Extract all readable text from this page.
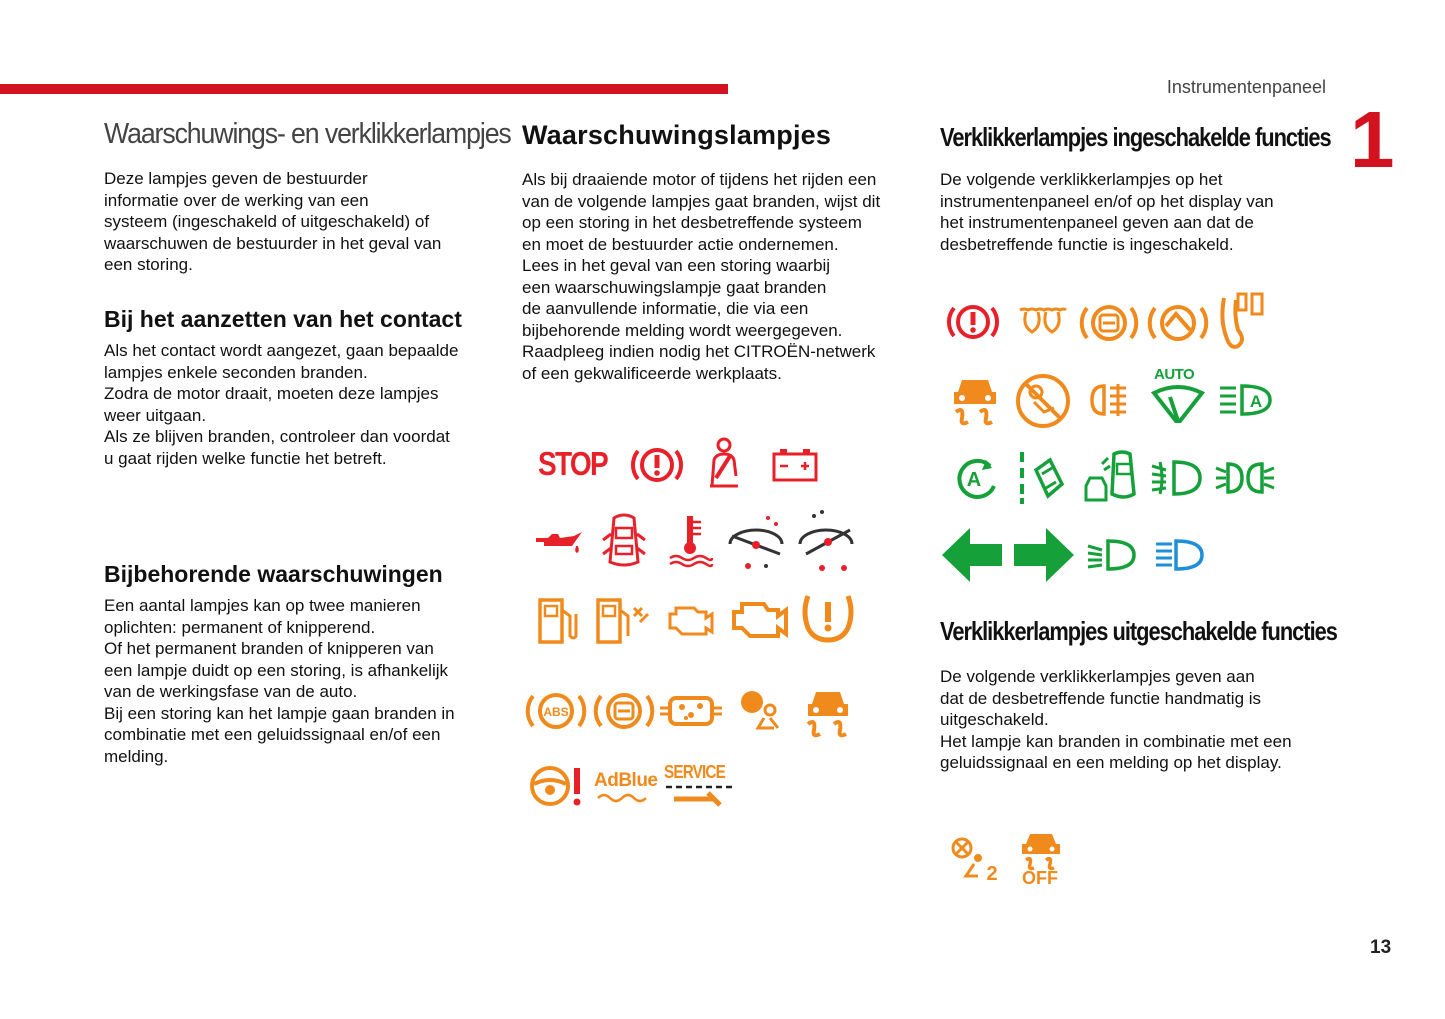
Instrumentenpaneel
1
13
Waarschuwings- en verklikkerlampjes

Deze lampjes geven de bestuurder
informatie over de werking van een
systeem (ingeschakeld of uitgeschakeld) of
waarschuwen de bestuurder in het geval van
een storing.

Bij het aanzetten van het contact

Als het contact wordt aangezet, gaan bepaalde
lampjes enkele seconden branden.
Zodra de motor draait, moeten deze lampjes
weer uitgaan.
Als ze blijven branden, controleer dan voordat
u gaat rijden welke functie het betreft.

Bijbehorende waarschuwingen

Een aantal lampjes kan op twee manieren
oplichten: permanent of knipperend.
Of het permanent branden of knipperen van
een lampje duidt op een storing, is afhankelijk
van de werkingsfase van de auto.
Bij een storing kan het lampje gaan branden in
combinatie met een geluidssignaal en/of een
melding.

Waarschuwingslampjes

Als bij draaiende motor of tijdens het rijden een
van de volgende lampjes gaat branden, wijst dit
op een storing in het desbetreffende systeem
en moet de bestuurder actie ondernemen.
Lees in het geval van een storing waarbij
een waarschuwingslampje gaat branden
de aanvullende informatie, die via een
bijbehorende melding wordt weergegeven.
Raadpleeg indien nodig het CITROËN-netwerk
of een gekwalificeerde werkplaats.

STOP
ABS
AdBlue SERVICE
Verklikkerlampjes ingeschakelde functies

De volgende verklikkerlampjes op het
instrumentenpaneel en/of op het display van
het instrumentenpaneel geven aan dat de
desbetreffende functie is ingeschakeld.

Verklikkerlampjes uitgeschakelde functies

De volgende verklikkerlampjes geven aan
dat de desbetreffende functie handmatig is
uitgeschakeld.
Het lampje kan branden in combinatie met een
geluidssignaal en een melding op het display.

AUTO
A
A
2 OFF
